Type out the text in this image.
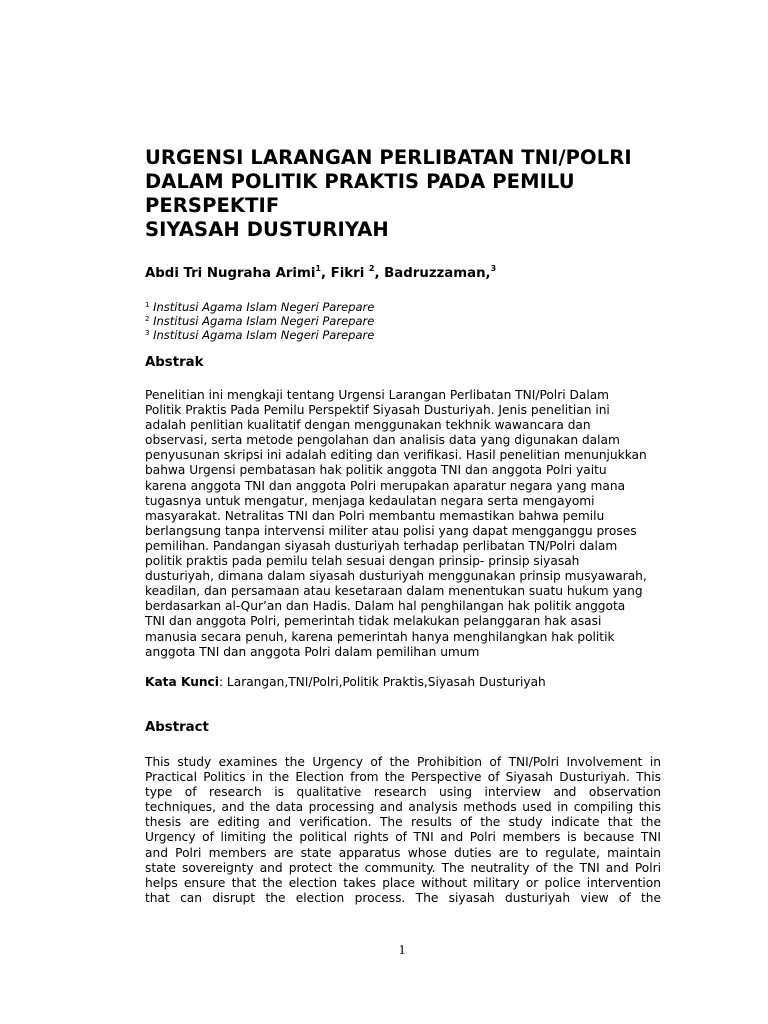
URGENSI LARANGAN PERLIBATAN TNI/POLRI
DALAM POLITIK PRAKTIS PADA PEMILU
PERSPEKTIF
SIYASAH DUSTURIYAH
Abdi Tri Nugraha Arimi$^1$, Fikri $^2$, Badruzzaman,$^3$
$^1$ Institusi Agama Islam Negeri Parepare
$^2$ Institusi Agama Islam Negeri Parepare
$^3$ Institusi Agama Islam Negeri Parepare
Abstrak
Penelitian ini mengkaji tentang Urgensi Larangan Perlibatan TNI/Polri Dalam
Politik Praktis Pada Pemilu Perspektif Siyasah Dusturiyah. Jenis penelitian ini
adalah penlitian kualitatif dengan menggunakan tekhnik wawancara dan
observasi, serta metode pengolahan dan analisis data yang digunakan dalam
penyusunan skripsi ini adalah editing dan verifikasi. Hasil penelitian menunjukkan
bahwa Urgensi pembatasan hak politik anggota TNI dan anggota Polri yaitu
karena anggota TNI dan anggota Polri merupakan aparatur negara yang mana
tugasnya untuk mengatur, menjaga kedaulatan negara serta mengayomi
masyarakat. Netralitas TNI dan Polri membantu memastikan bahwa pemilu
berlangsung tanpa intervensi militer atau polisi yang dapat mengganggu proses
pemilihan. Pandangan siyasah dusturiyah terhadap perlibatan TN/Polri dalam
politik praktis pada pemilu telah sesuai dengan prinsip- prinsip siyasah
dusturiyah, dimana dalam siyasah dusturiyah menggunakan prinsip musyawarah,
keadilan, dan persamaan atau kesetaraan dalam menentukan suatu hukum yang
berdasarkan al-Qur’an dan Hadis. Dalam hal penghilangan hak politik anggota
TNI dan anggota Polri, pemerintah tidak melakukan pelanggaran hak asasi
manusia secara penuh, karena pemerintah hanya menghilangkan hak politik
anggota TNI dan anggota Polri dalam pemilihan umum
Kata Kunci: Larangan,TNI/Polri,Politik Praktis,Siyasah Dusturiyah
Abstract
This study examines the Urgency of the Prohibition of TNI/Polri Involvement in
Practical Politics in the Election from the Perspective of Siyasah Dusturiyah. This
type of research is qualitative research using interview and observation
techniques, and the data processing and analysis methods used in compiling this
thesis are editing and verification. The results of the study indicate that the
Urgency of limiting the political rights of TNI and Polri members is because TNI
and Polri members are state apparatus whose duties are to regulate, maintain
state sovereignty and protect the community. The neutrality of the TNI and Polri
helps ensure that the election takes place without military or police intervention
that can disrupt the election process. The siyasah dusturiyah view of the
1
